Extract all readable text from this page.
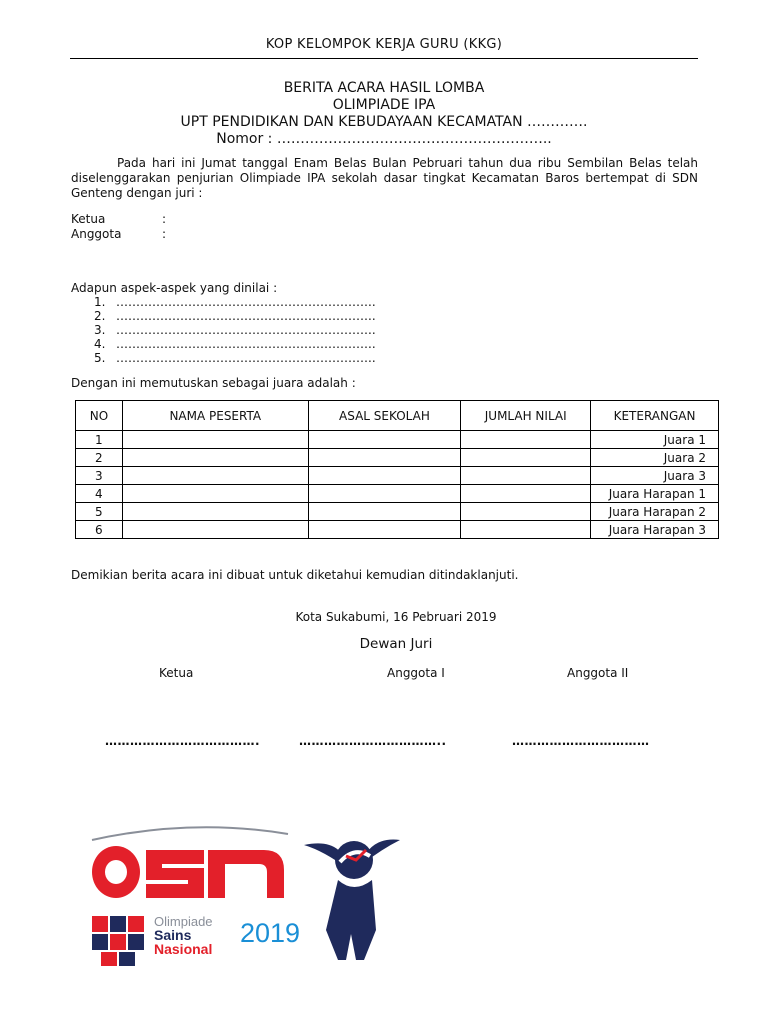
KOP KELOMPOK KERJA GURU (KKG)
BERITA ACARA HASIL LOMBA
OLIMPIADE IPA
UPT PENDIDIKAN DAN KEBUDAYAAN KECAMATAN ………….
Nomor : …………………………………………………..
Pada hari ini Jumat tanggal Enam Belas Bulan Pebruari tahun dua ribu Sembilan Belas telah diselenggarakan penjurian Olimpiade IPA sekolah dasar tingkat Kecamatan Baros bertempat di SDN Genteng dengan juri :
Ketua	:
Anggota	:
Adapun aspek-aspek yang dinilai :
1. ………………………………………………………..
2. ………………………………………………………..
3. ………………………………………………………..
4. ………………………………………………………..
5. ………………………………………………………..
Dengan ini memutuskan sebagai juara adalah :
NO	NAMA PESERTA	ASAL SEKOLAH	JUMLAH NILAI	KETERANGAN
1				Juara 1
2				Juara 2
3				Juara 3
4				Juara Harapan 1
5				Juara Harapan 2
6				Juara Harapan 3
Demikian berita acara ini dibuat untuk diketahui kemudian ditindaklanjuti.
Kota Sukabumi, 16 Pebruari 2019
Dewan Juri
Ketua	Anggota I	Anggota II
……………………………….	……………………………..	……………………………
Olimpiade
Sains
Nasional
2019
